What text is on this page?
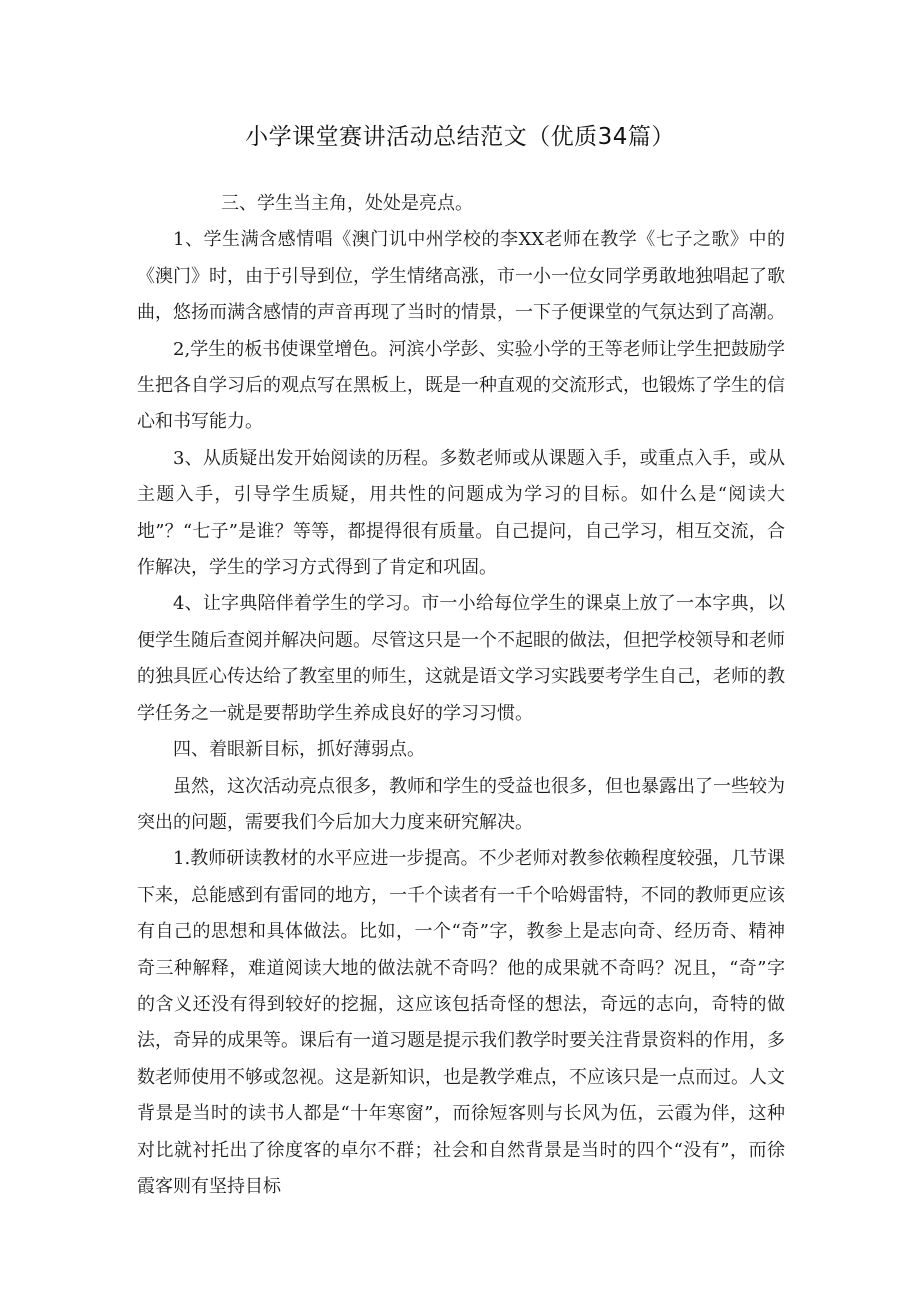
小学课堂赛讲活动总结范文（优质34篇）

三、学生当主角，处处是亮点。

1、学生满含感情唱《澳门讥中州学校的李XX老师在教学《七子之歌》中的《澳门》时，由于引导到位，学生情绪高涨，市一小一位女同学勇敢地独唱起了歌曲，悠扬而满含感情的声音再现了当时的情景，一下子便课堂的气氛达到了高潮。

2,学生的板书使课堂增色。河滨小学彭、实验小学的王等老师让学生把鼓励学生把各自学习后的观点写在黑板上，既是一种直观的交流形式，也锻炼了学生的信心和书写能力。

3、从质疑出发开始阅读的历程。多数老师或从课题入手，或重点入手，或从主题入手，引导学生质疑，用共性的问题成为学习的目标。如什么是“阅读大地”？“七子”是谁？等等，都提得很有质量。自己提问，自己学习，相互交流，合作解决，学生的学习方式得到了肯定和巩固。

4、让字典陪伴着学生的学习。市一小给每位学生的课桌上放了一本字典，以便学生随后查阅并解决问题。尽管这只是一个不起眼的做法，但把学校领导和老师的独具匠心传达给了教室里的师生，这就是语文学习实践要考学生自己，老师的教学任务之一就是要帮助学生养成良好的学习习惯。

四、着眼新目标，抓好薄弱点。

虽然，这次活动亮点很多，教师和学生的受益也很多，但也暴露出了一些较为突出的问题，需要我们今后加大力度来研究解决。

1.教师研读教材的水平应进一步提高。不少老师对教参依赖程度较强，几节课下来，总能感到有雷同的地方，一千个读者有一千个哈姆雷特，不同的教师更应该有自己的思想和具体做法。比如，一个“奇”字，教参上是志向奇、经历奇、精神奇三种解释，难道阅读大地的做法就不奇吗？他的成果就不奇吗？况且，“奇”字的含义还没有得到较好的挖掘，这应该包括奇怪的想法，奇远的志向，奇特的做法，奇异的成果等。课后有一道习题是提示我们教学时要关注背景资料的作用，多数老师使用不够或忽视。这是新知识，也是教学难点，不应该只是一点而过。人文背景是当时的读书人都是“十年寒窗”，而徐短客则与长风为伍，云霞为伴，这种对比就衬托出了徐度客的卓尔不群；社会和自然背景是当时的四个“没有”，而徐霞客则有坚持目标
